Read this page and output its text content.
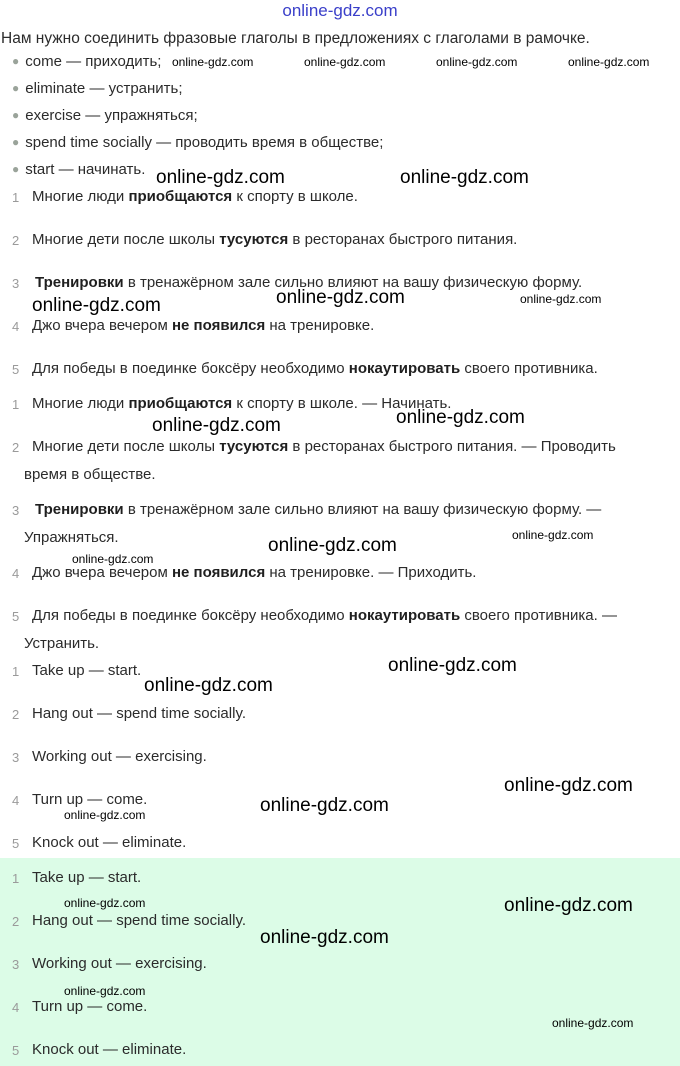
online-gdz.com
Нам нужно соединить фразовые глаголы в предложениях с глаголами в рамочке.
● come — приходить;
● eliminate — устранить;
● exercise — упражняться;
● spend time socially — проводить время в обществе;
● start — начинать.
1 Многие люди приобщаются к спорту в школе.
2 Многие дети после школы тусуются в ресторанах быстрого питания.
3 Тренировки в тренажёрном зале сильно влияют на вашу физическую форму.
4 Джо вчера вечером не появился на тренировке.
5 Для победы в поединке боксёру необходимо нокаутировать своего противника.
1 Многие люди приобщаются к спорту в школе. — Начинать.
2 Многие дети после школы тусуются в ресторанах быстрого питания. — Проводить
время в обществе.
3 Тренировки в тренажёрном зале сильно влияют на вашу физическую форму. —
Упражняться.
4 Джо вчера вечером не появился на тренировке. — Приходить.
5 Для победы в поединке боксёру необходимо нокаутировать своего противника. —
Устранить.
1 Take up — start.
2 Hang out — spend time socially.
3 Working out — exercising.
4 Turn up — come.
5 Knock out — eliminate.
1 Take up — start.
2 Hang out — spend time socially.
3 Working out — exercising.
4 Turn up — come.
5 Knock out — eliminate.
online-gdz.com	online-gdz.com	online-gdz.com	online-gdz.com
online-gdz.com	online-gdz.com
online-gdz.com	online-gdz.com
online-gdz.com
online-gdz.com
online-gdz.com
online-gdz.com
online-gdz.com
online-gdz.com
online-gdz.com
online-gdz.com
online-gdz.com
online-gdz.com
online-gdz.com
online-gdz.com	online-gdz.com
online-gdz.com
online-gdz.com
online-gdz.com
